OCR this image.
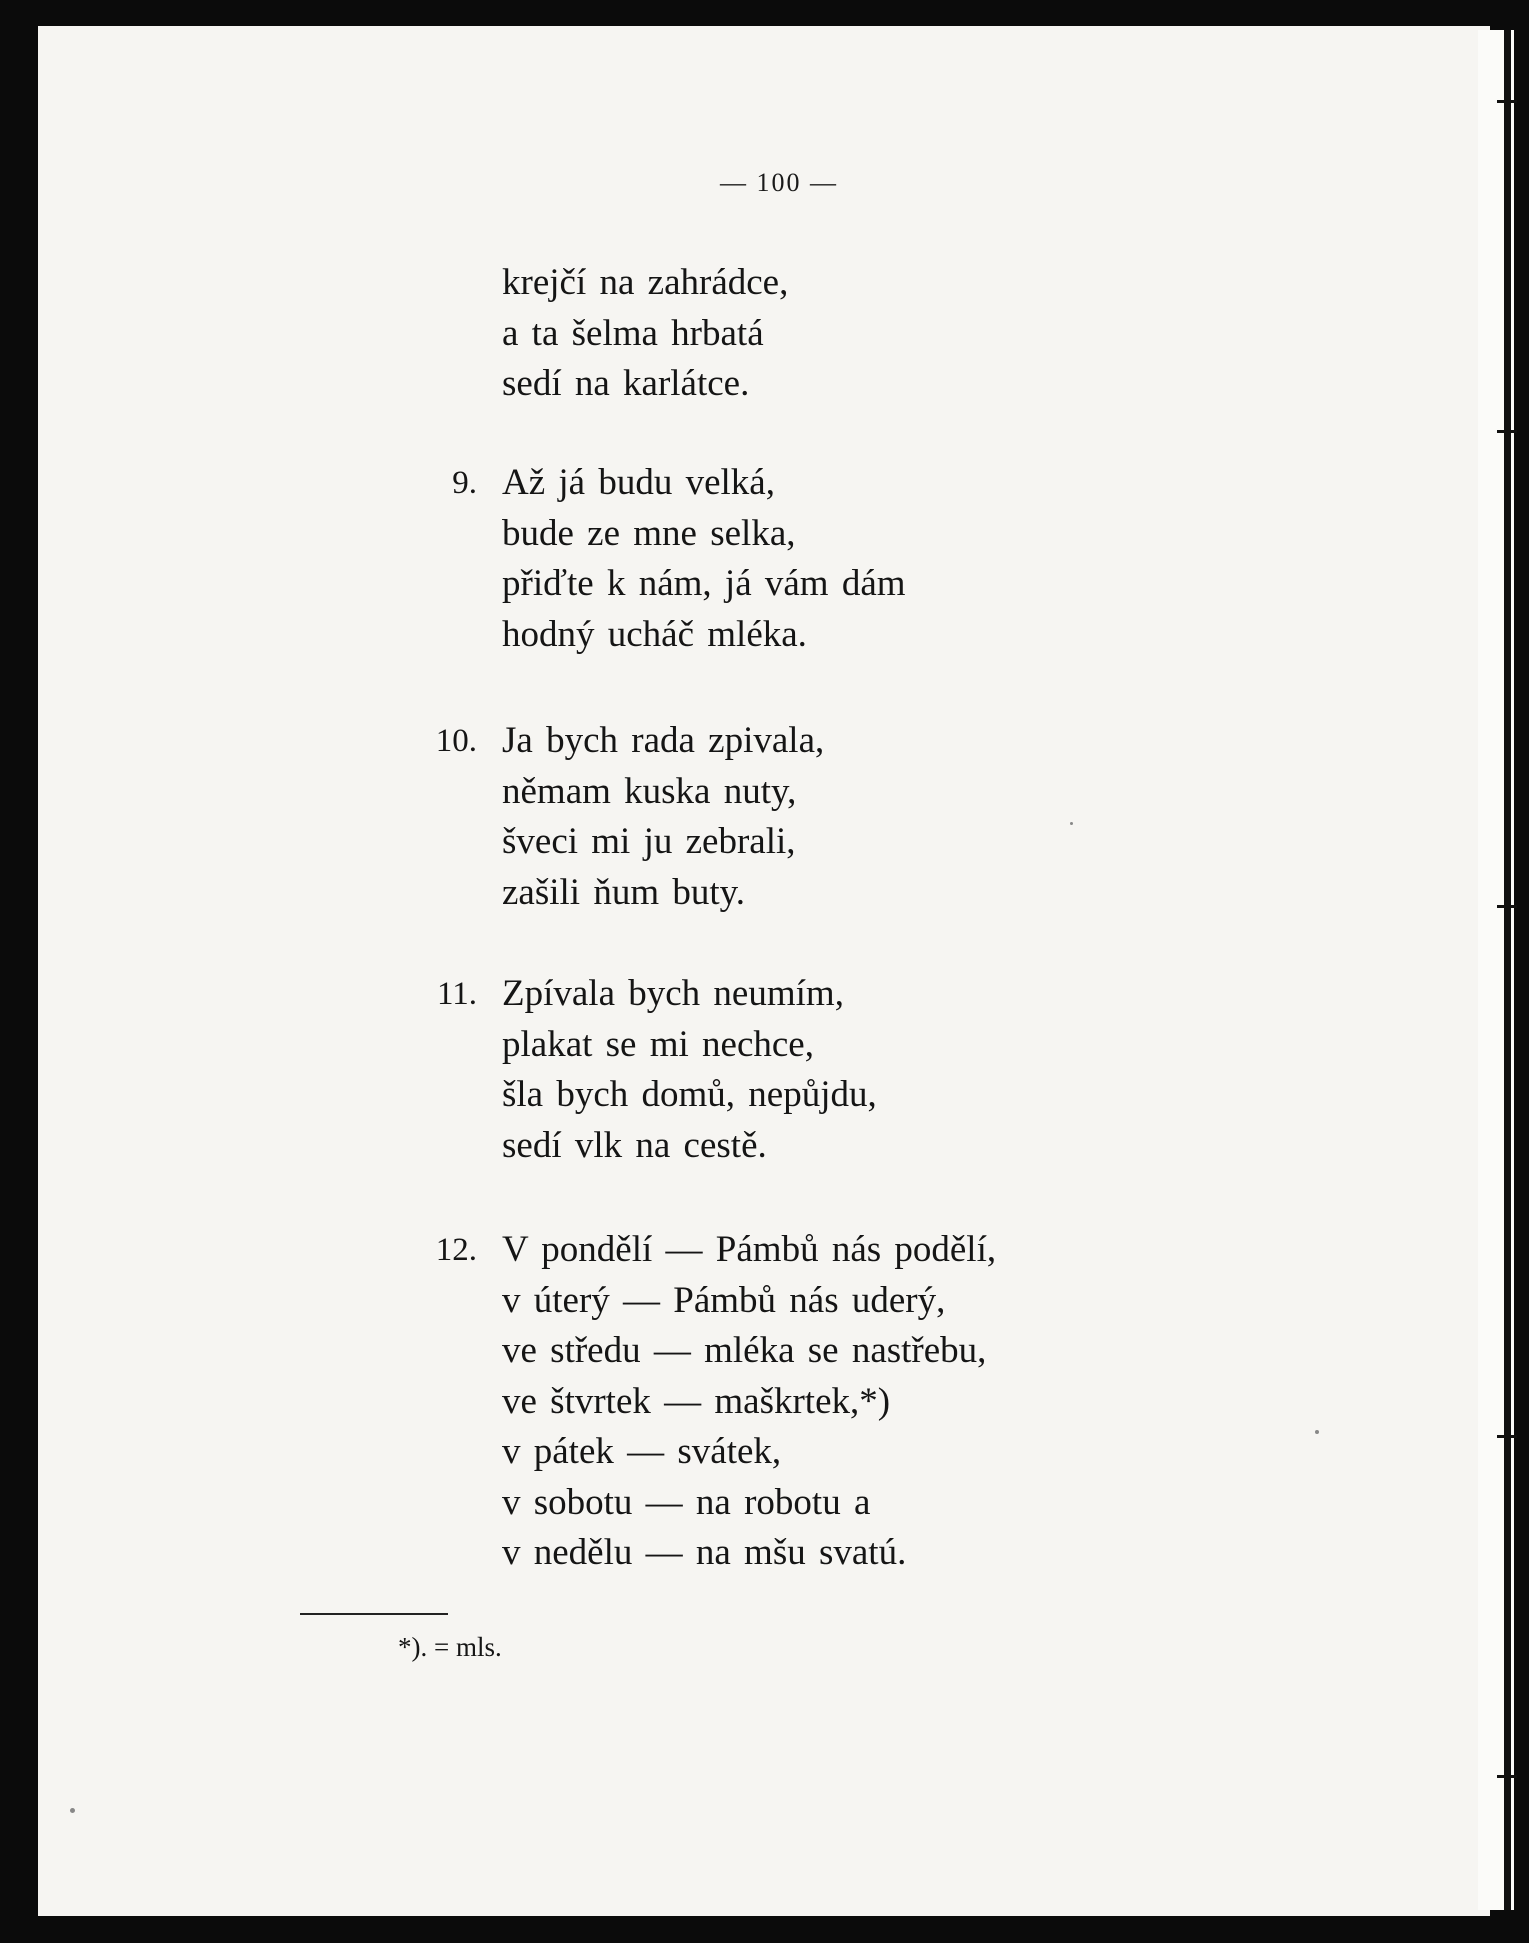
— 100 —
krejčí na zahrádce,
a ta šelma hrbatá
sedí na karlátce.
9. Až já budu velká,
bude ze mne selka,
přiďte k nám, já vám dám
hodný ucháč mléka.
10. Ja bych rada zpivala,
němam kuska nuty,
šveci mi ju zebrali,
zašili ňum buty.
11. Zpívala bych neumím,
plakat se mi nechce,
šla bych domů, nepůjdu,
sedí vlk na cestě.
12. V pondělí — Pámbů nás podělí,
v úterý — Pámbů nás uderý,
ve středu — mléka se nastřebu,
ve štvrtek — maškrtek,*)
v pátek — svátek,
v sobotu — na robotu a
v nedělu — na mšu svatú.
*). = mls.
